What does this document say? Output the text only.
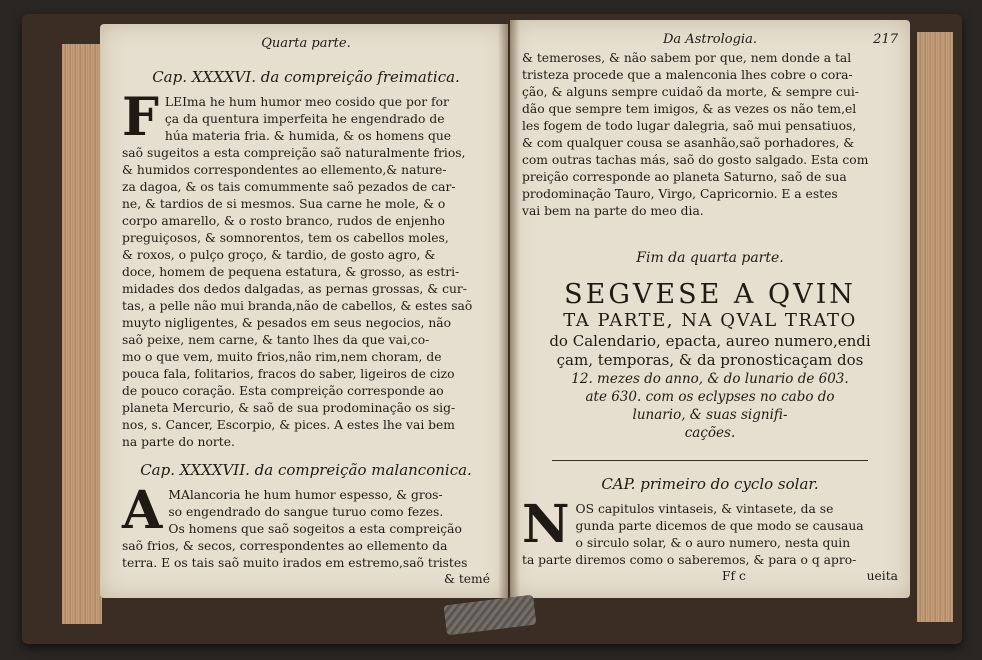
Quarta parte.
Cap. XXXXVI. da compreição freimatica.
F LEIma he hum humor meo cosido que por for
ça da quentura imperfeita he engendrado de
húa materia fria. & humida, & os homens que
saõ sugeitos a esta compreição saõ naturalmente frios,
& humidos correspondentes ao ellemento,& nature-
za dagoa, & os tais comummente saõ pezados de car-
ne, & tardios de si mesmos. Sua carne he mole, & o
corpo amarello, & o rosto branco, rudos de enjenho
preguiçosos, & somnorentos, tem os cabellos moles,
& roxos, o pulço groço, & tardio, de gosto agro, &
doce, homem de pequena estatura, & grosso, as estri-
midades dos dedos dalgadas, as pernas grossas, & cur-
tas, a pelle não mui branda,não de cabellos, & estes saõ
muyto nigligentes, & pesados em seus negocios, não
saõ peixe, nem carne, & tanto lhes da que vai,co-
mo o que vem, muito frios,não rim,nem choram, de
pouca fala, folitarios, fracos do saber, ligeiros de cizo
de pouco coração. Esta compreição corresponde ao
planeta Mercurio, & saõ de sua prodominação os sig-
nos, s. Cancer, Escorpio, & pices. A estes lhe vai bem
na parte do norte.
Cap. XXXXVII. da compreição malanconica.
A MAlancoria he hum humor espesso, & gros-
so engendrado do sangue turuo como fezes.
Os homens que saõ sogeitos a esta compreição
saõ frios, & secos, correspondentes ao ellemento da
terra. E os tais saõ muito irados em estremo,saõ tristes
& temé
Da Astrologia.	217
& temeroses, & não sabem por que, nem donde a tal
tristeza procede que a malenconia lhes cobre o cora-
ção, & alguns sempre cuidaõ da morte, & sempre cui-
dão que sempre tem imigos, & as vezes os não tem,el
les fogem de todo lugar dalegria, saõ mui pensatiuos,
& com qualquer cousa se asanhão,saõ porhadores, &
com outras tachas más, saõ do gosto salgado. Esta com
preição corresponde ao planeta Saturno, saõ de sua
prodominação Tauro, Virgo, Capricornio. E a estes
vai bem na parte do meo dia.
Fim da quarta parte.
SEGVESE A QVIN
TA PARTE, NA QVAL TRATO
do Calendario, epacta, aureo numero,endi
çam, temporas, & da pronosticaçam dos
12. mezes do anno, & do lunario de 603.
ate 630. com os eclypses no cabo do
lunario, & suas signifi-
cações.
CAP. primeiro do cyclo solar.
N OS capitulos vintaseis, & vintasete, da se
gunda parte dicemos de que modo se causaua
o sirculo solar, & o auro numero, nesta quin
ta parte diremos como o saberemos, & para o q apro-
Ff c	ueita
